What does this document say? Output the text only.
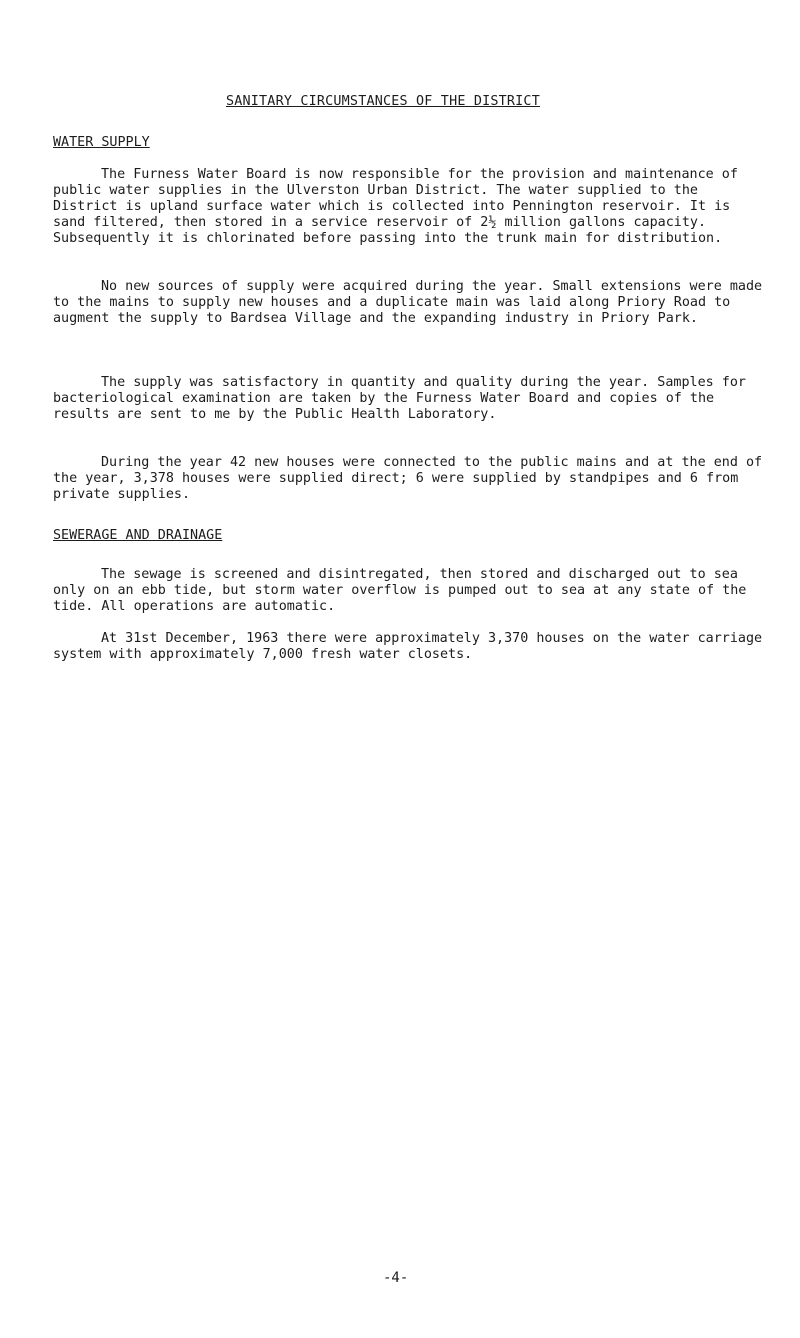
SANITARY CIRCUMSTANCES OF THE DISTRICT
WATER SUPPLY
The Furness Water Board is now responsible for the provision and maintenance of public water supplies in the Ulverston Urban District. The water supplied to the District is upland surface water which is collected into Pennington reservoir. It is sand filtered, then stored in a service reservoir of 2½ million gallons capacity. Subsequently it is chlorinated before passing into the trunk main for distribution.
No new sources of supply were acquired during the year. Small extensions were made to the mains to supply new houses and a duplicate main was laid along Priory Road to augment the supply to Bardsea Village and the expanding industry in Priory Park.
The supply was satisfactory in quantity and quality during the year. Samples for bacteriological examination are taken by the Furness Water Board and copies of the results are sent to me by the Public Health Laboratory.
During the year 42 new houses were connected to the public mains and at the end of the year, 3,378 houses were supplied direct; 6 were supplied by standpipes and 6 from private supplies.
SEWERAGE AND DRAINAGE
The sewage is screened and disintregated, then stored and discharged out to sea only on an ebb tide, but storm water overflow is pumped out to sea at any state of the tide. All operations are automatic.
At 31st December, 1963 there were approximately 3,370 houses on the water carriage system with approximately 7,000 fresh water closets.
-4-
